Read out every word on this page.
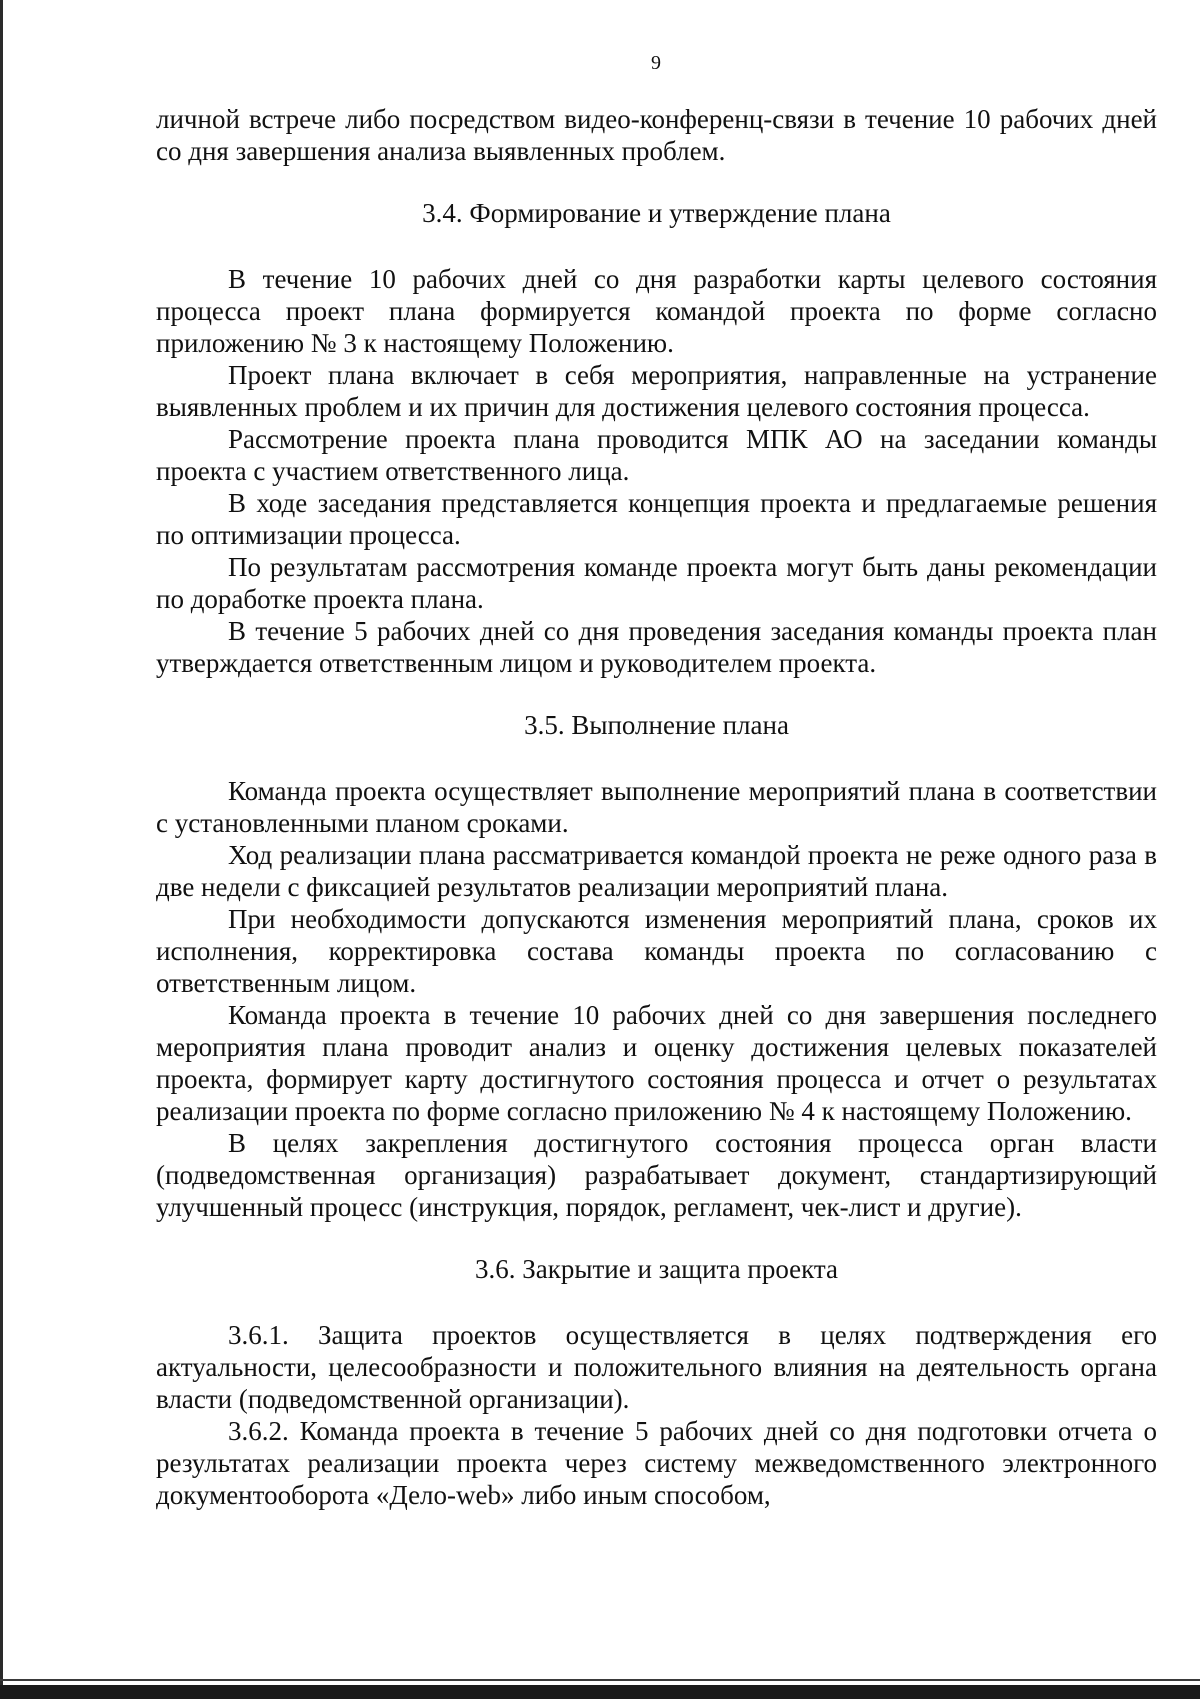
9

личной встрече либо посредством видео-конференц-связи в течение 10 рабочих дней со дня завершения анализа выявленных проблем.

3.4. Формирование и утверждение плана

В течение 10 рабочих дней со дня разработки карты целевого состояния процесса проект плана формируется командой проекта по форме согласно приложению № 3 к настоящему Положению.

Проект плана включает в себя мероприятия, направленные на устранение выявленных проблем и их причин для достижения целевого состояния процесса.

Рассмотрение проекта плана проводится МПК АО на заседании команды проекта с участием ответственного лица.

В ходе заседания представляется концепция проекта и предлагаемые решения по оптимизации процесса.

По результатам рассмотрения команде проекта могут быть даны рекомендации по доработке проекта плана.

В течение 5 рабочих дней со дня проведения заседания команды проекта план утверждается ответственным лицом и руководителем проекта.

3.5. Выполнение плана

Команда проекта осуществляет выполнение мероприятий плана в соответствии с установленными планом сроками.

Ход реализации плана рассматривается командой проекта не реже одного раза в две недели с фиксацией результатов реализации мероприятий плана.

При необходимости допускаются изменения мероприятий плана, сроков их исполнения, корректировка состава команды проекта по согласованию с ответственным лицом.

Команда проекта в течение 10 рабочих дней со дня завершения последнего мероприятия плана проводит анализ и оценку достижения целевых показателей проекта, формирует карту достигнутого состояния процесса и отчет о результатах реализации проекта по форме согласно приложению № 4 к настоящему Положению.

В целях закрепления достигнутого состояния процесса орган власти (подведомственная организация) разрабатывает документ, стандартизирующий улучшенный процесс (инструкция, порядок, регламент, чек-лист и другие).

3.6. Закрытие и защита проекта

3.6.1. Защита проектов осуществляется в целях подтверждения его актуальности, целесообразности и положительного влияния на деятельность органа власти (подведомственной организации).

3.6.2. Команда проекта в течение 5 рабочих дней со дня подготовки отчета о результатах реализации проекта через систему межведомственного электронного документооборота «Дело-web» либо иным способом,
